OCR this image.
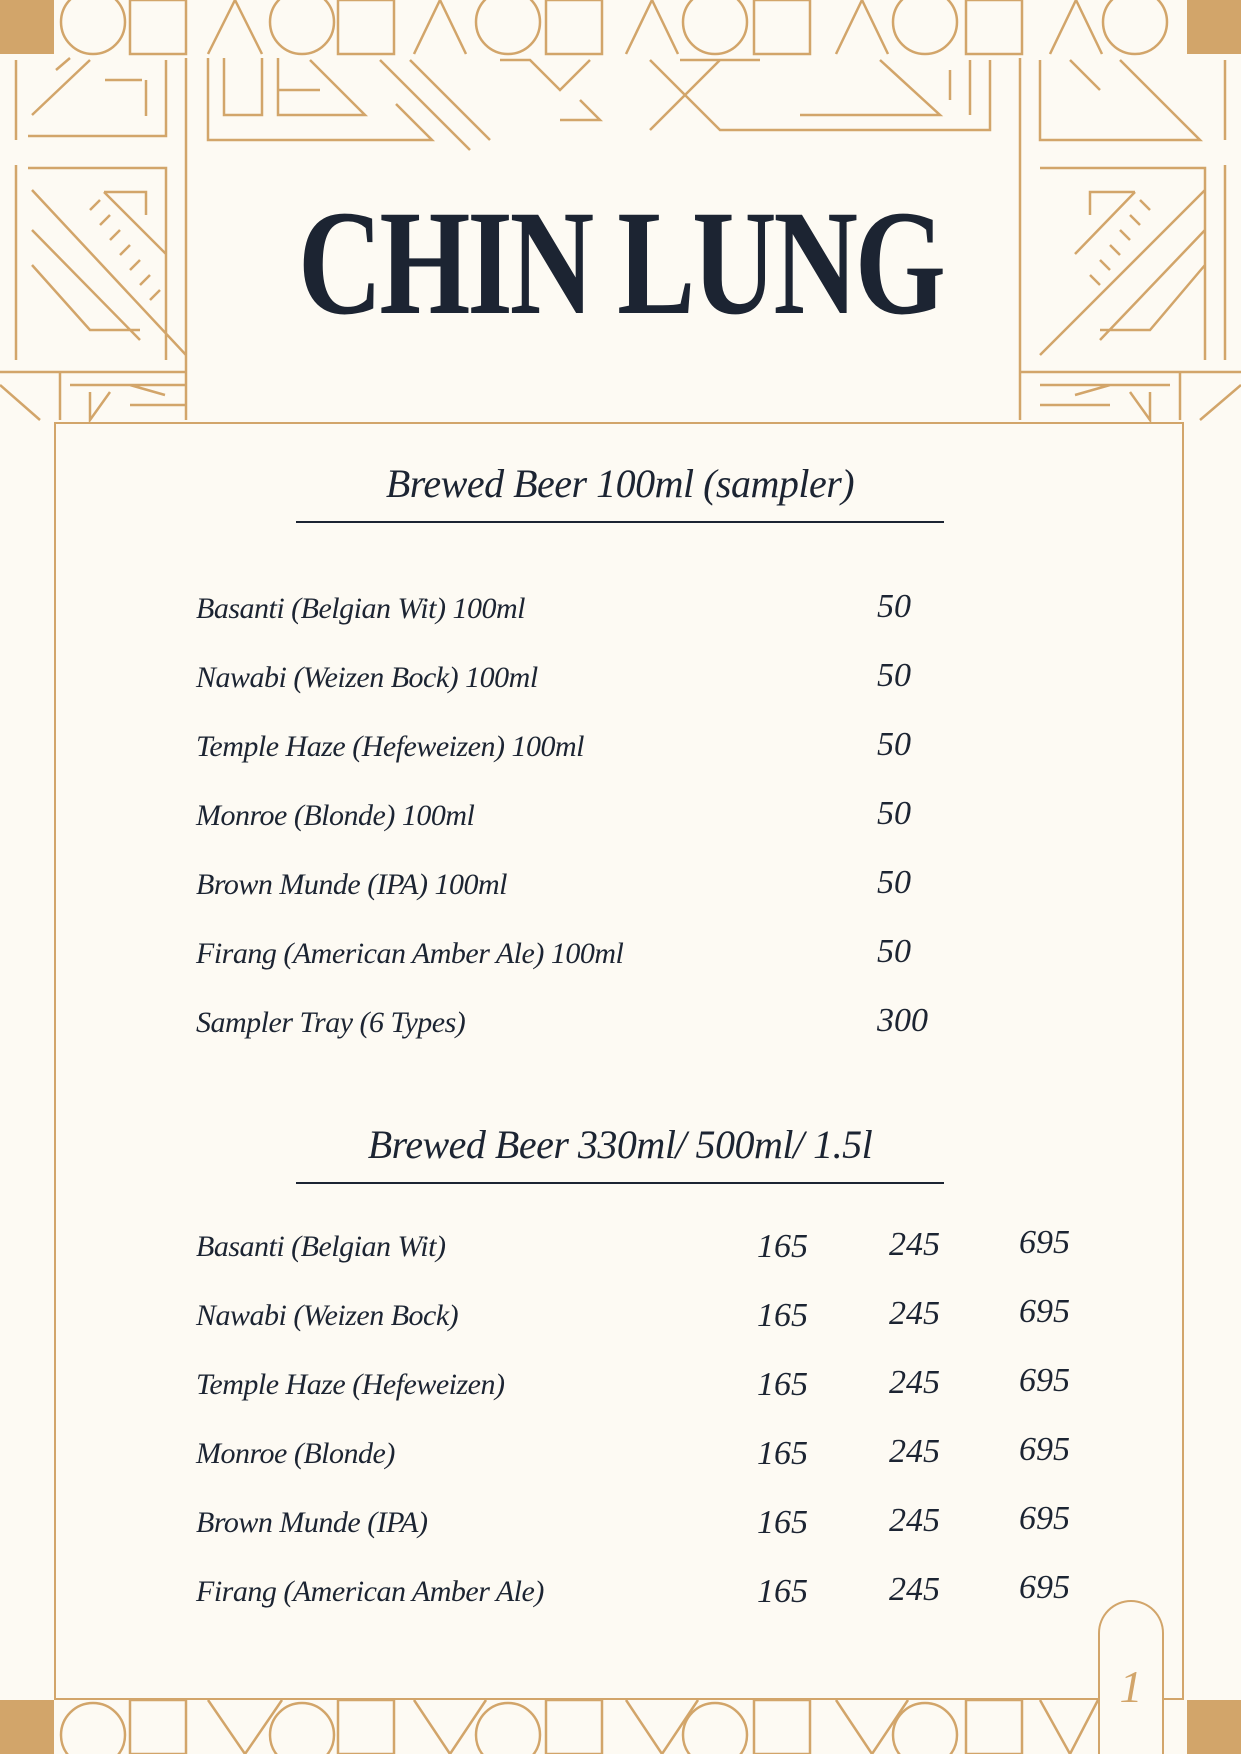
CHIN LUNG
Brewed Beer 100ml (sampler)
Basanti (Belgian Wit) 100ml	50
Nawabi (Weizen Bock) 100ml	50
Temple Haze (Hefeweizen) 100ml	50
Monroe (Blonde) 100ml	50
Brown Munde (IPA) 100ml	50
Firang (American Amber Ale) 100ml	50
Sampler Tray (6 Types)	300
Brewed Beer 330ml/ 500ml/ 1.5l
Basanti (Belgian Wit)	165 245 695
Nawabi (Weizen Bock)	165 245 695
Temple Haze (Hefeweizen)	165 245 695
Monroe (Blonde)	165 245 695
Brown Munde (IPA)	165 245 695
Firang (American Amber Ale)	165 245 695
1
